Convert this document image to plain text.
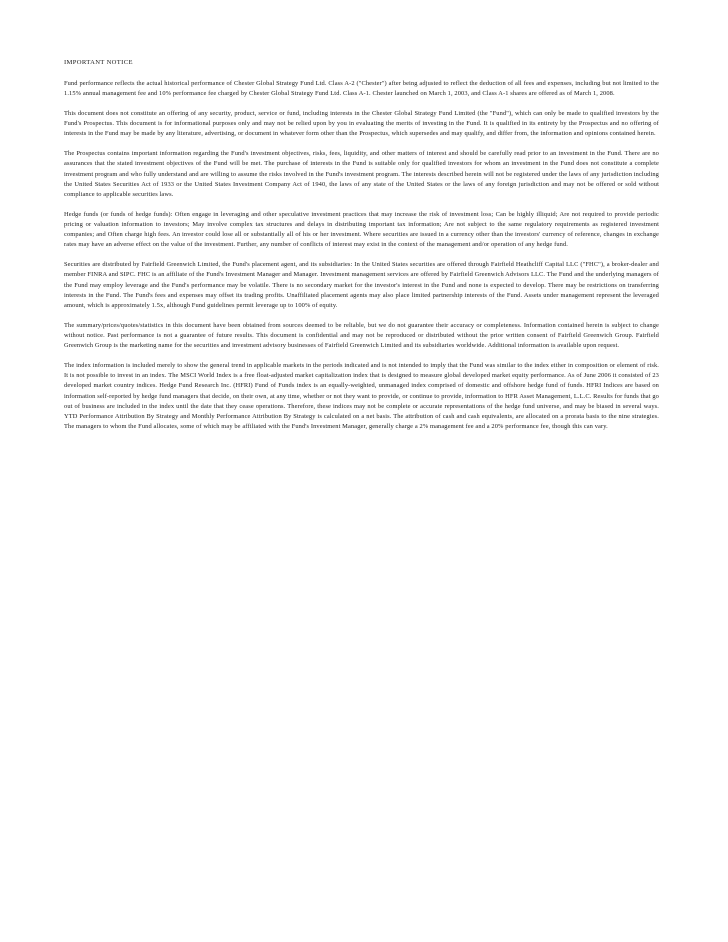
IMPORTANT NOTICE

Fund performance reflects the actual historical performance of Chester Global Strategy Fund Ltd. Class A-2 ("Chester") after being adjusted to reflect the deduction of all fees and expenses, including but not limited to the 1.15% annual management fee and 10% performance fee charged by Chester Global Strategy Fund Ltd. Class A-1. Chester launched on March 1, 2003, and Class A-1 shares are offered as of March 1, 2008.

This document does not constitute an offering of any security, product, service or fund, including interests in the Chester Global Strategy Fund Limited (the "Fund"), which can only be made to qualified investors by the Fund's Prospectus. This document is for informational purposes only and may not be relied upon by you in evaluating the merits of investing in the Fund. It is qualified in its entirety by the Prospectus and no offering of interests in the Fund may be made by any literature, advertising, or document in whatever form other than the Prospectus, which supersedes and may qualify, and differ from, the information and opinions contained herein.

The Prospectus contains important information regarding the Fund's investment objectives, risks, fees, liquidity, and other matters of interest and should be carefully read prior to an investment in the Fund. There are no assurances that the stated investment objectives of the Fund will be met. The purchase of interests in the Fund is suitable only for qualified investors for whom an investment in the Fund does not constitute a complete investment program and who fully understand and are willing to assume the risks involved in the Fund's investment program. The interests described herein will not be registered under the laws of any jurisdiction including the United States Securities Act of 1933 or the United States Investment Company Act of 1940, the laws of any state of the United States or the laws of any foreign jurisdiction and may not be offered or sold without compliance to applicable securities laws.

Hedge funds (or funds of hedge funds): Often engage in leveraging and other speculative investment practices that may increase the risk of investment loss; Can be highly illiquid; Are not required to provide periodic pricing or valuation information to investors; May involve complex tax structures and delays in distributing important tax information; Are not subject to the same regulatory requirements as registered investment companies; and Often charge high fees. An investor could lose all or substantially all of his or her investment. Where securities are issued in a currency other than the investors' currency of reference, changes in exchange rates may have an adverse effect on the value of the investment. Further, any number of conflicts of interest may exist in the context of the management and/or operation of any hedge fund.

Securities are distributed by Fairfield Greenwich Limited, the Fund's placement agent, and its subsidiaries: In the United States securities are offered through Fairfield Heathcliff Capital LLC ("FHC"), a broker-dealer and member FINRA and SIPC. FHC is an affiliate of the Fund's Investment Manager and Manager. Investment management services are offered by Fairfield Greenwich Advisors LLC. The Fund and the underlying managers of the Fund may employ leverage and the Fund's performance may be volatile. There is no secondary market for the investor's interest in the Fund and none is expected to develop. There may be restrictions on transferring interests in the Fund. The Fund's fees and expenses may offset its trading profits. Unaffiliated placement agents may also place limited partnership interests of the Fund. Assets under management represent the leveraged amount, which is approximately 1.5x, although Fund guidelines permit leverage up to 100% of equity.

The summary/prices/quotes/statistics in this document have been obtained from sources deemed to be reliable, but we do not guarantee their accuracy or completeness. Information contained herein is subject to change without notice. Past performance is not a guarantee of future results. This document is confidential and may not be reproduced or distributed without the prior written consent of Fairfield Greenwich Group. Fairfield Greenwich Group is the marketing name for the securities and investment advisory businesses of Fairfield Greenwich Limited and its subsidiaries worldwide. Additional information is available upon request.

The index information is included merely to show the general trend in applicable markets in the periods indicated and is not intended to imply that the Fund was similar to the index either in composition or element of risk. It is not possible to invest in an index. The MSCI World Index is a free float-adjusted market capitalization index that is designed to measure global developed market equity performance. As of June 2006 it consisted of 23 developed market country indices. Hedge Fund Research Inc. (HFRI) Fund of Funds index is an equally-weighted, unmanaged index comprised of domestic and offshore hedge fund of funds. HFRI Indices are based on information self-reported by hedge fund managers that decide, on their own, at any time, whether or not they want to provide, or continue to provide, information to HFR Asset Management, L.L.C. Results for funds that go out of business are included in the index until the date that they cease operations. Therefore, these indices may not be complete or accurate representations of the hedge fund universe, and may be biased in several ways. YTD Performance Attribution By Strategy and Monthly Performance Attribution By Strategy is calculated on a net basis. The attribution of cash and cash equivalents, are allocated on a prorata basis to the nine strategies. The managers to whom the Fund allocates, some of which may be affiliated with the Fund's Investment Manager, generally charge a 2% management fee and a 20% performance fee, though this can vary.
